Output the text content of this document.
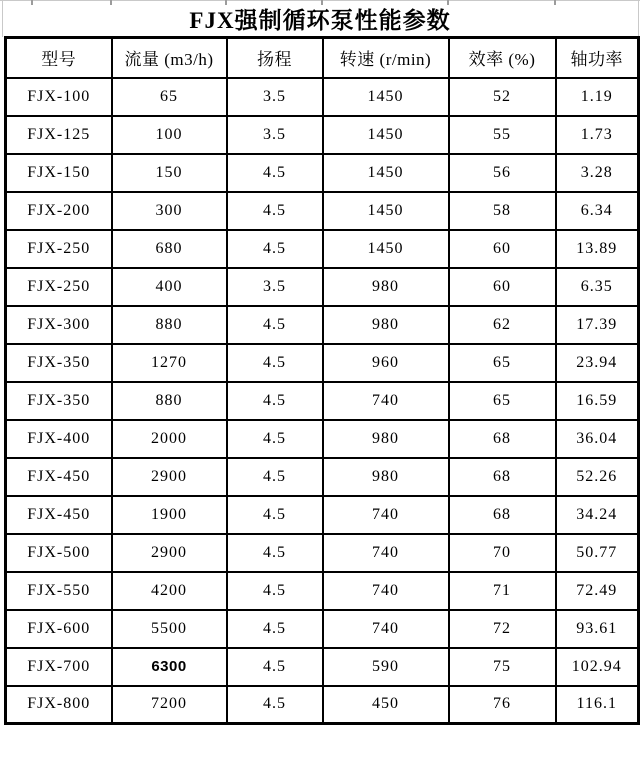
FJX强制循环泵性能参数
型号	流量 (m3/h)	扬程	转速 (r/min)	效率 (%)	轴功率
FJX-100	65	3.5	1450	52	1.19
FJX-125	100	3.5	1450	55	1.73
FJX-150	150	4.5	1450	56	3.28
FJX-200	300	4.5	1450	58	6.34
FJX-250	680	4.5	1450	60	13.89
FJX-250	400	3.5	980	60	6.35
FJX-300	880	4.5	980	62	17.39
FJX-350	1270	4.5	960	65	23.94
FJX-350	880	4.5	740	65	16.59
FJX-400	2000	4.5	980	68	36.04
FJX-450	2900	4.5	980	68	52.26
FJX-450	1900	4.5	740	68	34.24
FJX-500	2900	4.5	740	70	50.77
FJX-550	4200	4.5	740	71	72.49
FJX-600	5500	4.5	740	72	93.61
FJX-700	6300	4.5	590	75	102.94
FJX-800	7200	4.5	450	76	116.1
